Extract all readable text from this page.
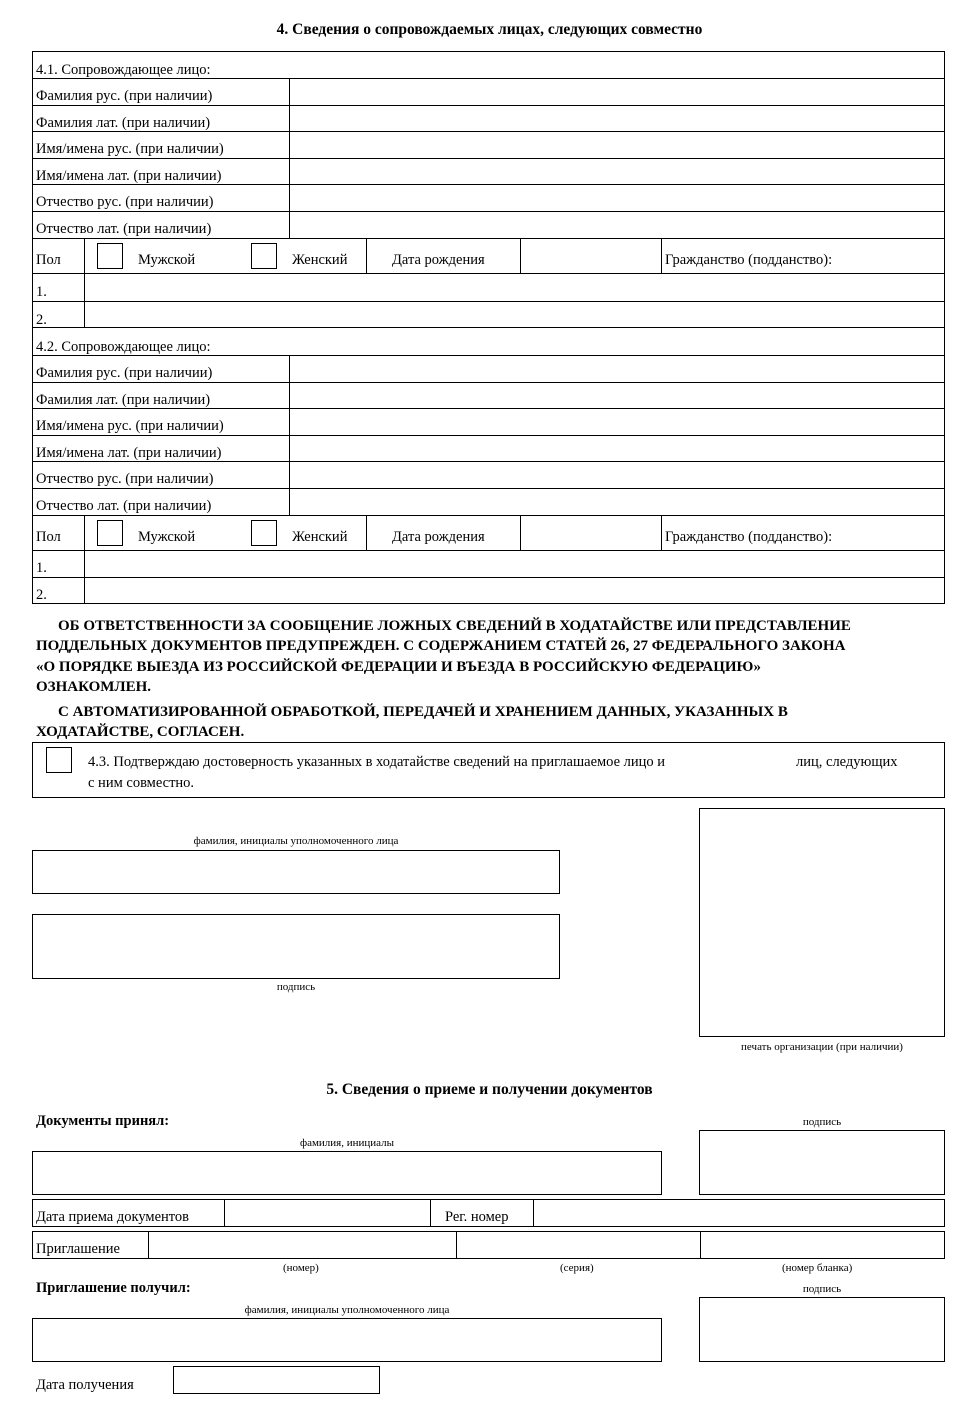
4. Сведения о сопровождаемых лицах, следующих совместно
4.1. Сопровождающее лицо:
Фамилия рус. (при наличии)
Фамилия лат. (при наличии)
Имя/имена рус. (при наличии)
Имя/имена лат. (при наличии)
Отчество рус. (при наличии)
Отчество лат. (при наличии)
Пол	Мужской	Женский	Дата рождения	Гражданство (подданство):
1.
2.
4.2. Сопровождающее лицо:
Фамилия рус. (при наличии)
Фамилия лат. (при наличии)
Имя/имена рус. (при наличии)
Имя/имена лат. (при наличии)
Отчество рус. (при наличии)
Отчество лат. (при наличии)
Пол	Мужской	Женский	Дата рождения	Гражданство (подданство):
1.
2.
ОБ ОТВЕТСТВЕННОСТИ ЗА СООБЩЕНИЕ ЛОЖНЫХ СВЕДЕНИЙ В ХОДАТАЙСТВЕ ИЛИ ПРЕДСТАВЛЕНИЕ
ПОДДЕЛЬНЫХ ДОКУМЕНТОВ ПРЕДУПРЕЖДЕН. С СОДЕРЖАНИЕМ СТАТЕЙ 26, 27 ФЕДЕРАЛЬНОГО ЗАКОНА
«О ПОРЯДКЕ ВЫЕЗДА ИЗ РОССИЙСКОЙ ФЕДЕРАЦИИ И ВЪЕЗДА В РОССИЙСКУЮ ФЕДЕРАЦИЮ»
ОЗНАКОМЛЕН.
С АВТОМАТИЗИРОВАННОЙ ОБРАБОТКОЙ, ПЕРЕДАЧЕЙ И ХРАНЕНИЕМ ДАННЫХ, УКАЗАННЫХ В
ХОДАТАЙСТВЕ, СОГЛАСЕН.
4.3. Подтверждаю достоверность указанных в ходатайстве сведений на приглашаемое лицо и	лиц, следующих
с ним совместно.
фамилия, инициалы уполномоченного лица
подпись
печать организации (при наличии)
5. Сведения о приеме и получении документов
Документы принял:
фамилия, инициалы
подпись
Дата приема документов	Рег. номер
Приглашение
(номер)	(серия)	(номер бланка)
Приглашение получил:
фамилия, инициалы уполномоченного лица
подпись
Дата получения
